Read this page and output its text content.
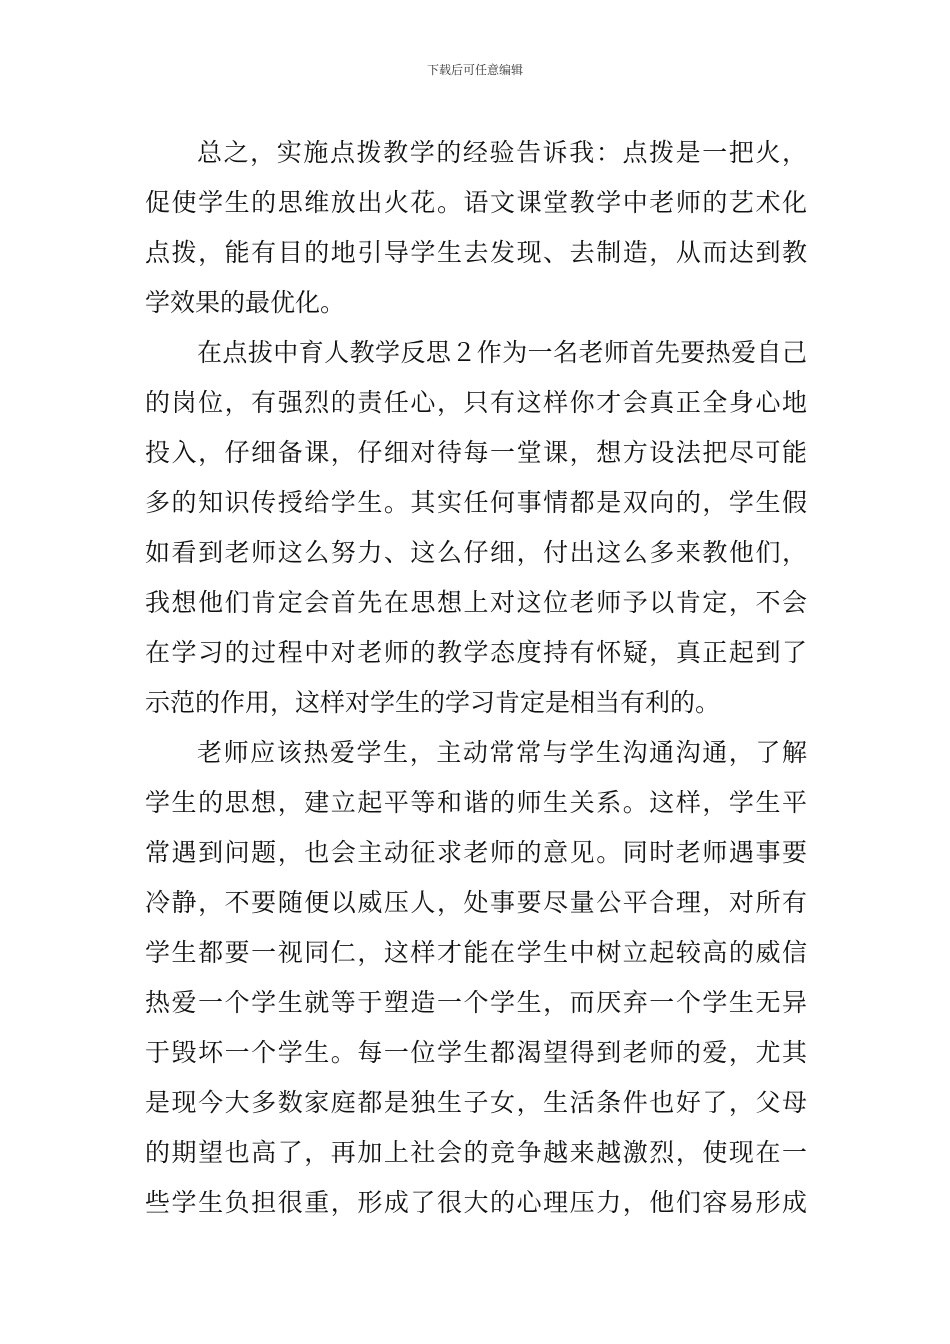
下载后可任意编辑
总之，实施点拨教学的经验告诉我：点拨是一把火，
促使学生的思维放出火花。语文课堂教学中老师的艺术化
点拨，能有目的地引导学生去发现、去制造，从而达到教
学效果的最优化。
在点拔中育人教学反思２作为一名老师首先要热爱自己
的岗位，有强烈的责任心，只有这样你才会真正全身心地
投入，仔细备课，仔细对待每一堂课，想方设法把尽可能
多的知识传授给学生。其实任何事情都是双向的，学生假
如看到老师这么努力、这么仔细，付出这么多来教他们，
我想他们肯定会首先在思想上对这位老师予以肯定，不会
在学习的过程中对老师的教学态度持有怀疑，真正起到了
示范的作用，这样对学生的学习肯定是相当有利的。
老师应该热爱学生，主动常常与学生沟通沟通，了解
学生的思想，建立起平等和谐的师生关系。这样，学生平
常遇到问题，也会主动征求老师的意见。同时老师遇事要
冷静，不要随便以威压人，处事要尽量公平合理，对所有
学生都要一视同仁，这样才能在学生中树立起较高的威信
热爱一个学生就等于塑造一个学生，而厌弃一个学生无异
于毁坏一个学生。每一位学生都渴望得到老师的爱，尤其
是现今大多数家庭都是独生子女，生活条件也好了，父母
的期望也高了，再加上社会的竞争越来越激烈，使现在一
些学生负担很重，形成了很大的心理压力，他们容易形成
